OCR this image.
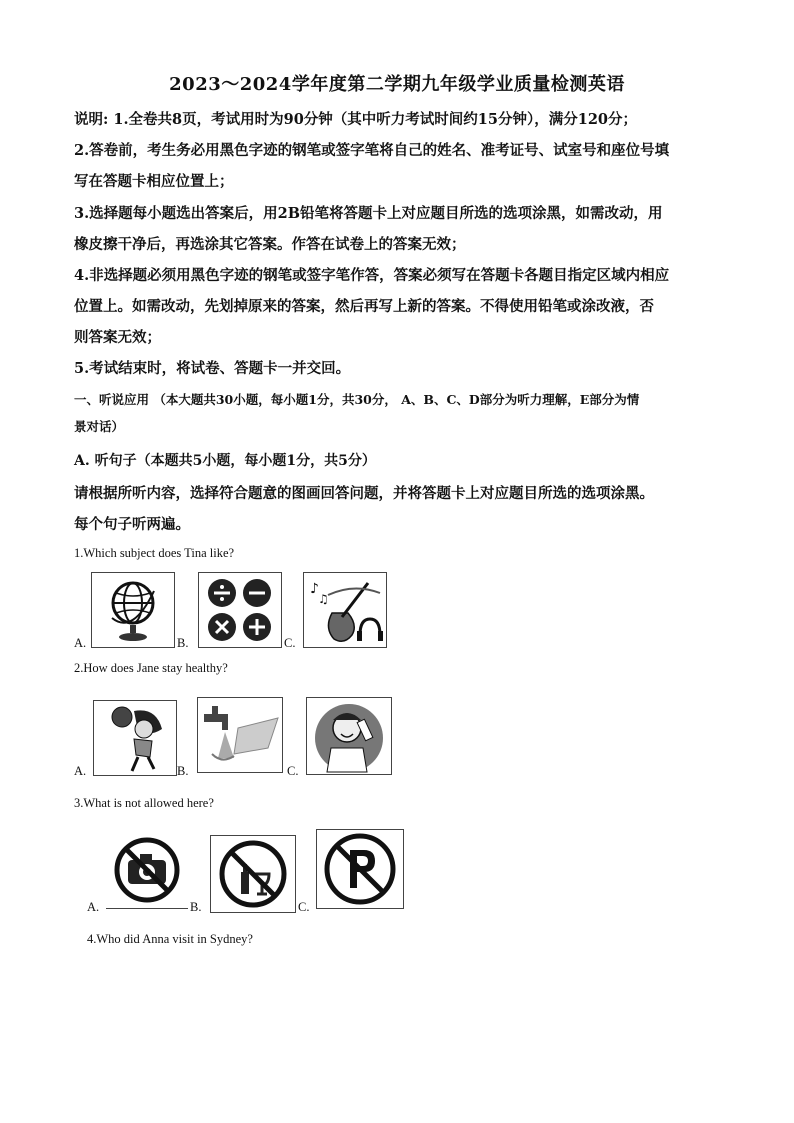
2023～2024学年度第二学期九年级学业质量检测英语
说明: 1.全卷共8页，考试用时为90分钟（其中听力考试时间约15分钟），满分120分；
2.答卷前，考生务必用黑色字迹的钢笔或签字笔将自己的姓名、准考证号、试室号和座位号填
写在答题卡相应位置上；
3.选择题每小题选出答案后，用2B铅笔将答题卡上对应题目所选的选项涂黑，如需改动，用
橡皮擦干净后，再选涂其它答案。作答在试卷上的答案无效；
4.非选择题必须用黑色字迹的钢笔或签字笔作答，答案必须写在答题卡各题目指定区域内相应
位置上。如需改动，先划掉原来的答案，然后再写上新的答案。不得使用铅笔或涂改液，否
则答案无效；
5.考试结束时，将试卷、答题卡一并交回。
一、听说应用 （本大题共30小题，每小题1分，共30分， A、B、C、D部分为听力理解，E部分为情
景对话）
A. 听句子（本题共5小题，每小题1分，共5分）
请根据所听内容，选择符合题意的图画回答问题，并将答题卡上对应题目所选的选项涂黑。
每个句子听两遍。
1.Which subject does Tina like?
A.	B.	C.
♪
♫
2.How does Jane stay healthy?
A.	B.	C.
3.What is not allowed here?
A.	B.	C.
4.Who did Anna visit in Sydney?
